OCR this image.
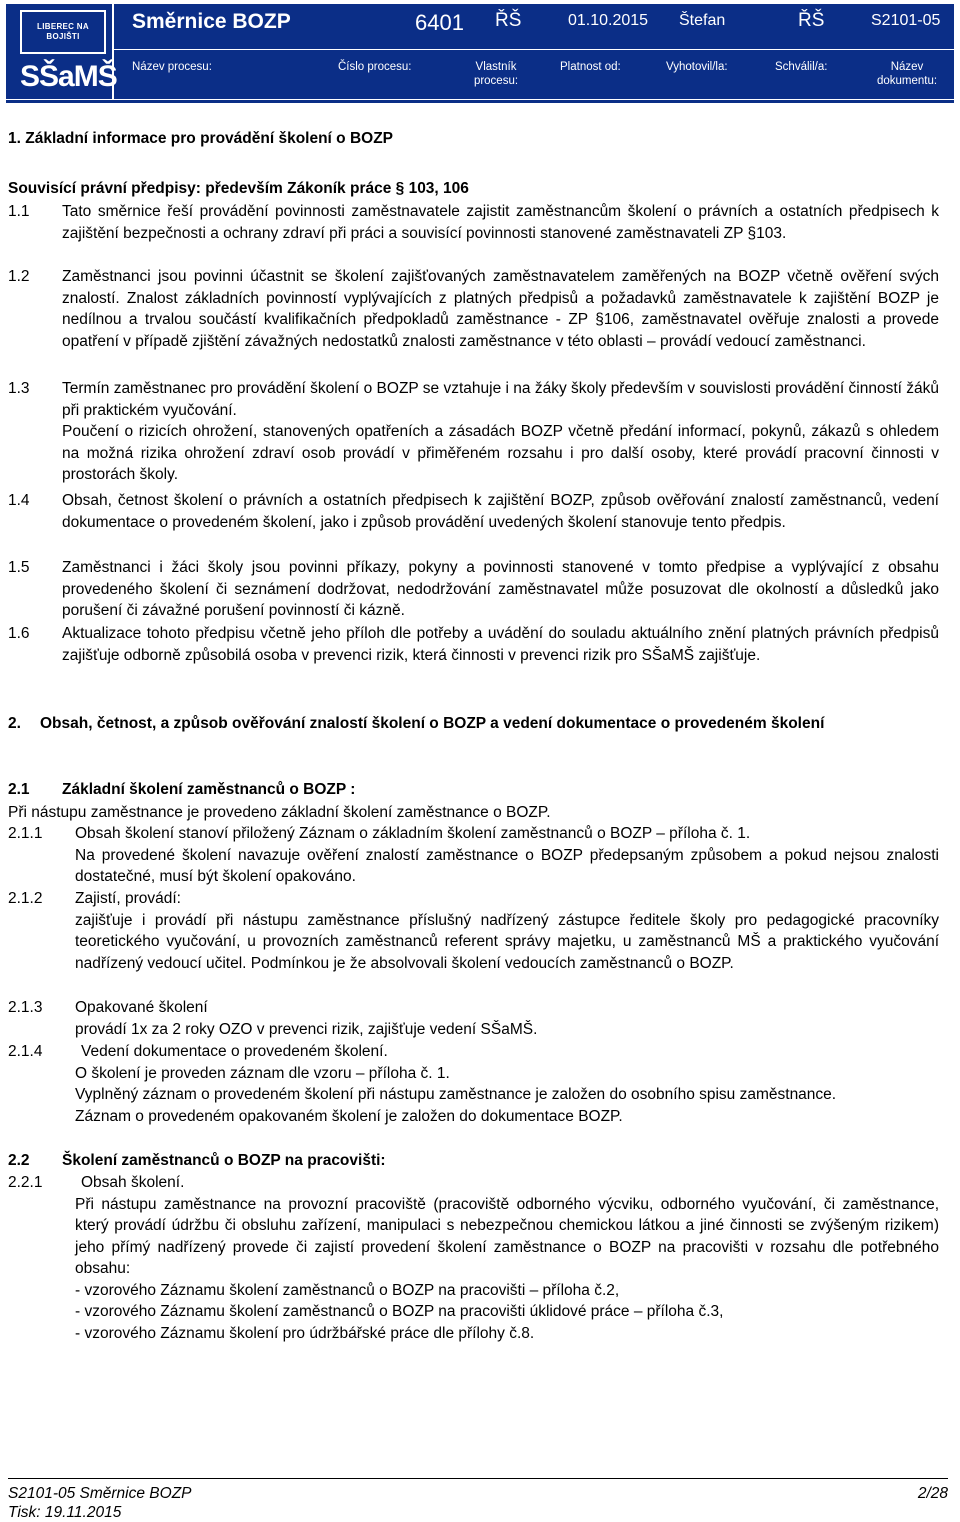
LIBEREC NA BOJIŠTI
SŠaMŠ
Směrnice BOZP	6401 ŘŠ	01.10.2015 Štefan	ŘŠ	S2101-05
Název procesu:	Číslo procesu:	Vlastník procesu:
Platnost od:	Vyhotovil/la:	Schválil/a:	Název dokumentu:
1. Základní informace pro provádění školení o BOZP
Souvisící právní předpisy: především Zákoník práce § 103, 106
1.1 Tato směrnice řeší provádění povinnosti zaměstnavatele zajistit zaměstnancům školení o právních a ostatních předpisech k zajištění bezpečnosti a ochrany zdraví při práci a souvisící povinnosti stanovené zaměstnavateli ZP §103.
1.2 Zaměstnanci jsou povinni účastnit se školení zajišťovaných zaměstnavatelem zaměřených na BOZP včetně ověření svých znalostí. Znalost základních povinností vyplývajících z platných předpisů a požadavků zaměstnavatele k zajištění BOZP je nedílnou a trvalou součástí kvalifikačních předpokladů zaměstnance - ZP §106, zaměstnavatel ověřuje znalosti a provede opatření v případě zjištění závažných nedostatků znalosti zaměstnance v této oblasti – provádí vedoucí zaměstnanci.
1.3 Termín zaměstnanec pro provádění školení o BOZP se vztahuje i na žáky školy především v souvislosti provádění činností žáků při praktickém vyučování.

Poučení o rizicích ohrožení, stanovených opatřeních a zásadách BOZP včetně předání informací, pokynů, zákazů s ohledem na možná rizika ohrožení zdraví osob provádí v přiměřeném rozsahu i pro další osoby, které provádí pracovní činnosti v prostorách školy.

1.4 Obsah, četnost školení o právních a ostatních předpisech k zajištění BOZP, způsob ověřování znalostí zaměstnanců, vedení dokumentace o provedeném školení, jako i způsob provádění uvedených školení stanovuje tento předpis.
1.5 Zaměstnanci i žáci školy jsou povinni příkazy, pokyny a povinnosti stanovené v tomto předpise a vyplývající z obsahu provedeného školení či seznámení dodržovat, nedodržování zaměstnavatel může posuzovat dle okolností a důsledků jako porušení či závažné porušení povinností či kázně.
1.6 Aktualizace tohoto předpisu včetně jeho příloh dle potřeby a uvádění do souladu aktuálního znění platných právních předpisů zajišťuje odborně způsobilá osoba v prevenci rizik, která činnosti v prevenci rizik pro SŠaMŠ zajišťuje.
2. Obsah, četnost, a způsob ověřování znalostí školení o BOZP a vedení dokumentace o provedeném školení
2.1 Základní školení zaměstnanců o BOZP :
Při nástupu zaměstnance je provedeno základní školení zaměstnance o BOZP.
2.1.1 Obsah školení stanoví přiložený Záznam o základním školení zaměstnanců o BOZP – příloha č. 1.

Na provedené školení navazuje ověření znalostí zaměstnance o BOZP předepsaným způsobem a pokud nejsou znalosti dostatečné, musí být školení opakováno.

2.1.2 Zajistí, provádí:

zajišťuje i provádí při nástupu zaměstnance příslušný nadřízený zástupce ředitele školy pro pedagogické pracovníky teoretického vyučování, u provozních zaměstnanců referent správy majetku, u zaměstnanců MŠ a praktického vyučování nadřízený vedoucí učitel. Podmínkou je že absolvovali školení vedoucích zaměstnanců o BOZP.

2.1.3 Opakované školení

provádí 1x za 2 roky OZO v prevenci rizik, zajišťuje vedení SŠaMŠ.

2.1.4	Vedení dokumentace o provedeném školení.

O školení je proveden záznam dle vzoru – příloha č. 1.

Vyplněný záznam o provedeném školení při nástupu zaměstnance je založen do osobního spisu zaměstnance.

Záznam o provedeném opakovaném školení je založen do dokumentace BOZP.

2.2 Školení zaměstnanců o BOZP na pracovišti:
2.2.1	Obsah školení.

Při nástupu zaměstnance na provozní pracoviště (pracoviště odborného výcviku, odborného vyučování, či zaměstnance, který provádí údržbu či obsluhu zařízení, manipulaci s nebezpečnou chemickou látkou a jiné činnosti se zvýšeným rizikem) jeho přímý nadřízený provede či zajistí provedení školení zaměstnance o BOZP na pracovišti v rozsahu dle potřebného obsahu:

- vzorového Záznamu školení zaměstnanců o BOZP na pracovišti – příloha č.2,

- vzorového Záznamu školení zaměstnanců o BOZP na pracovišti úklidové práce – příloha č.3,

- vzorového Záznamu školení pro údržbářské práce dle přílohy č.8.

S2101-05 Směrnice BOZP
Tisk: 19.11.2015
2/28
